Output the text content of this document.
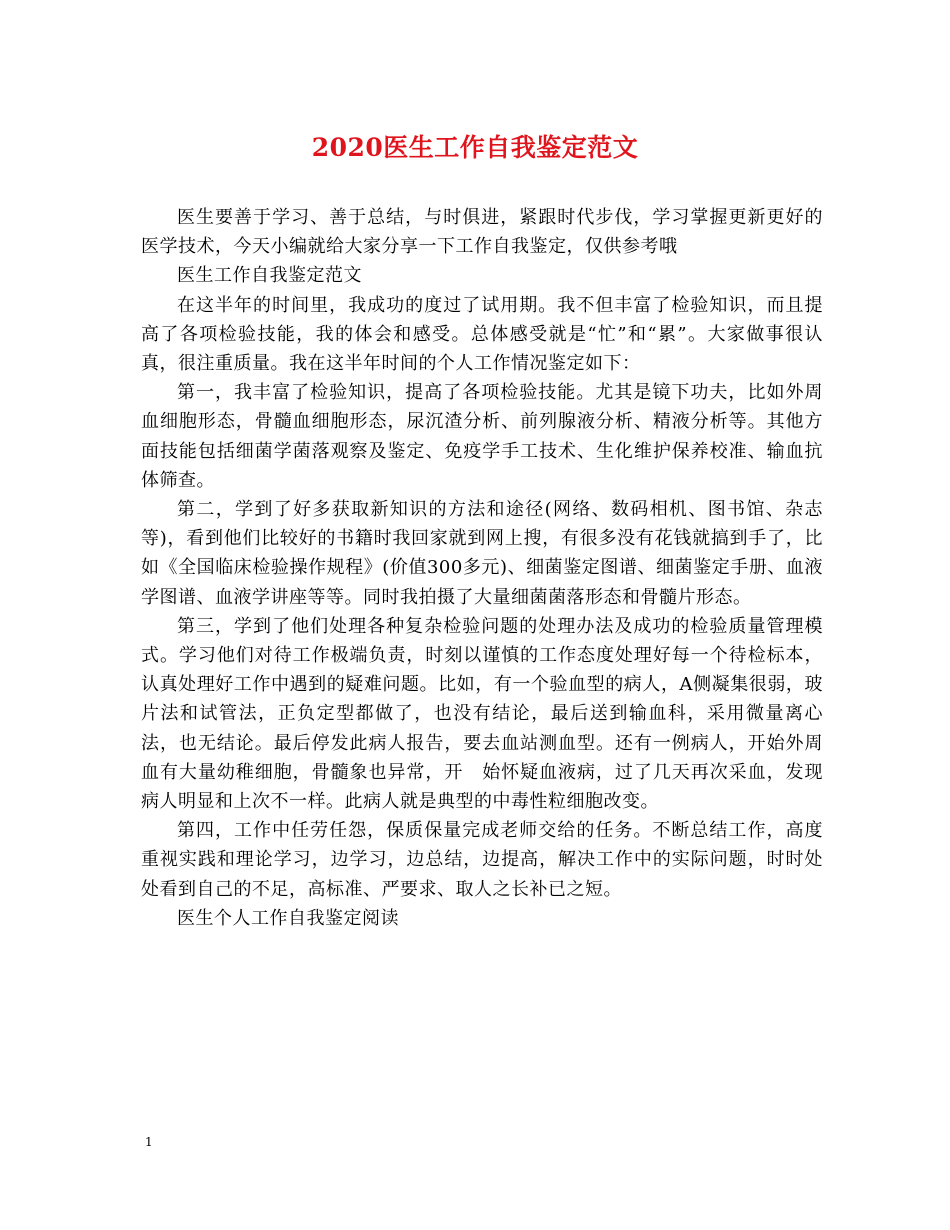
2020医生工作自我鉴定范文

医生要善于学习、善于总结，与时俱进，紧跟时代步伐，学习掌握更新更好的医学技术，今天小编就给大家分享一下工作自我鉴定，仅供参考哦

医生工作自我鉴定范文

在这半年的时间里，我成功的度过了试用期。我不但丰富了检验知识，而且提高了各项检验技能，我的体会和感受。总体感受就是“忙”和“累”。大家做事很认真，很注重质量。我在这半年时间的个人工作情况鉴定如下：

第一，我丰富了检验知识，提高了各项检验技能。尤其是镜下功夫，比如外周血细胞形态，骨髓血细胞形态，尿沉渣分析、前列腺液分析、精液分析等。其他方面技能包括细菌学菌落观察及鉴定、免疫学手工技术、生化维护保养校准、输血抗体筛查。

第二，学到了好多获取新知识的方法和途径(网络、数码相机、图书馆、杂志等)，看到他们比较好的书籍时我回家就到网上搜，有很多没有花钱就搞到手了，比如《全国临床检验操作规程》(价值300多元)、细菌鉴定图谱、细菌鉴定手册、血液学图谱、血液学讲座等等。同时我拍摄了大量细菌菌落形态和骨髓片形态。

第三，学到了他们处理各种复杂检验问题的处理办法及成功的检验质量管理模式。学习他们对待工作极端负责，时刻以谨慎的工作态度处理好每一个待检标本，认真处理好工作中遇到的疑难问题。比如，有一个验血型的病人，A侧凝集很弱，玻片法和试管法，正负定型都做了，也没有结论，最后送到输血科，采用微量离心法，也无结论。最后停发此病人报告，要去血站测血型。还有一例病人，开始外周血有大量幼稚细胞，骨髓象也异常，开　始怀疑血液病，过了几天再次采血，发现病人明显和上次不一样。此病人就是典型的中毒性粒细胞改变。

第四，工作中任劳任怨，保质保量完成老师交给的任务。不断总结工作，高度重视实践和理论学习，边学习，边总结，边提高，解决工作中的实际问题，时时处处看到自己的不足，高标准、严要求、取人之长补已之短。

医生个人工作自我鉴定阅读

1
